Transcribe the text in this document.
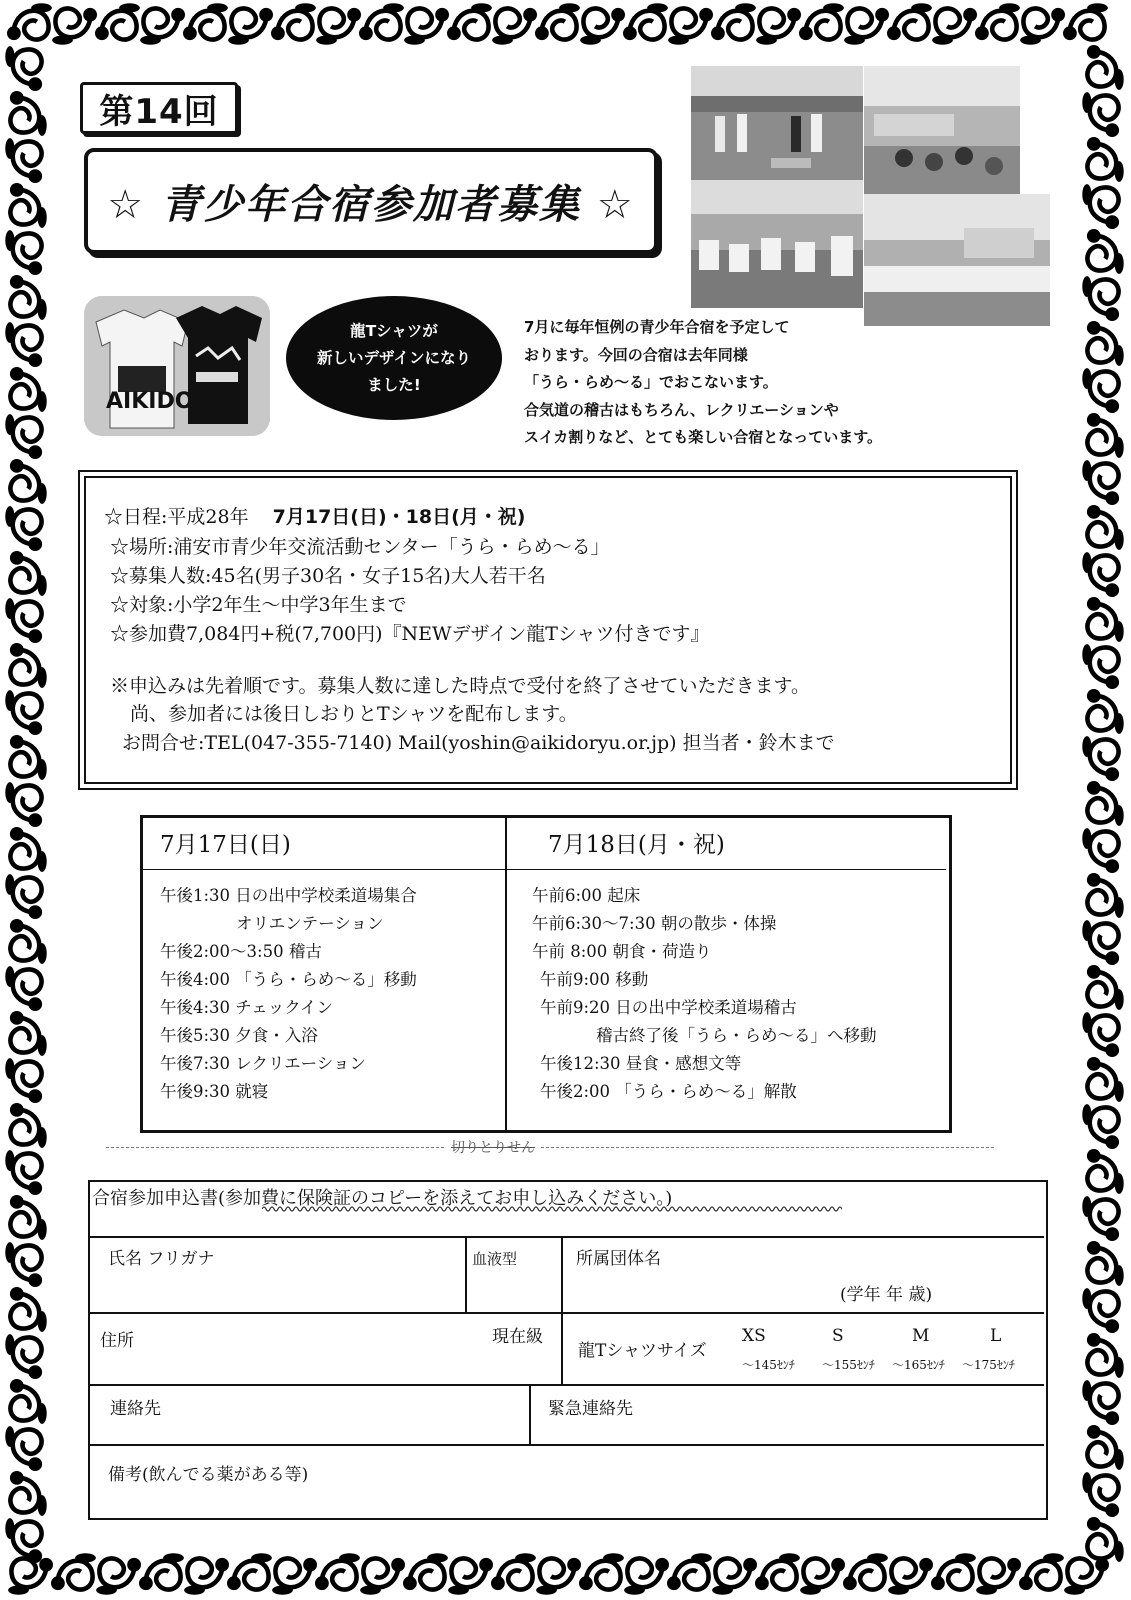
第14回
☆ 青少年合宿参加者募集 ☆
AIKIDO
龍Tシャツが
新しいデザインになり
ました!
7月に毎年恒例の青少年合宿を予定して
おります。今回の合宿は去年同様
「うら・らめ〜る」でおこないます。
合気道の稽古はもちろん、レクリエーションや
スイカ割りなど、とても楽しい合宿となっています。
☆日程:平成28年 7月17日(日)・18日(月・祝)
☆場所:浦安市青少年交流活動センター「うら・らめ〜る」
☆募集人数:45名(男子30名・女子15名)大人若干名
☆対象:小学2年生〜中学3年生まで
☆参加費7,084円+税(7,700円)『NEWデザイン龍Tシャツ付きです』
※申込みは先着順です。募集人数に達した時点で受付を終了させていただきます。
尚、参加者には後日しおりとTシャツを配布します。
お問合せ:TEL(047-355-7140) Mail(yoshin@aikidoryu.or.jp) 担当者・鈴木まで
7月17日(日)	7月18日(月・祝)
午後1:30 日の出中学校柔道場集合
オリエンテーション
午後2:00〜3:50 稽古
午後4:00 「うら・らめ〜る」移動
午後4:30 チェックイン
午後5:30 夕食・入浴
午後7:30 レクリエーション
午後9:30 就寝
午前6:00 起床
午前6:30〜7:30 朝の散歩・体操
午前 8:00 朝食・荷造り
午前9:00 移動
午前9:20 日の出中学校柔道場稽古
稽古終了後「うら・らめ〜る」へ移動
午後12:30 昼食・感想文等
午後2:00 「うら・らめ〜る」解散
切りとりせん
合宿参加申込書(参加費に保険証のコピーを添えてお申し込みください。)
氏名 フリガナ	血液型	所属団体名
(学年 年 歳)
住所	現在級
龍Tシャツサイズ
XS
〜145ｾﾝﾁ
S
〜155ｾﾝﾁ
M
〜165ｾﾝﾁ
L
〜175ｾﾝﾁ
連絡先	緊急連絡先
備考(飲んでる薬がある等)
